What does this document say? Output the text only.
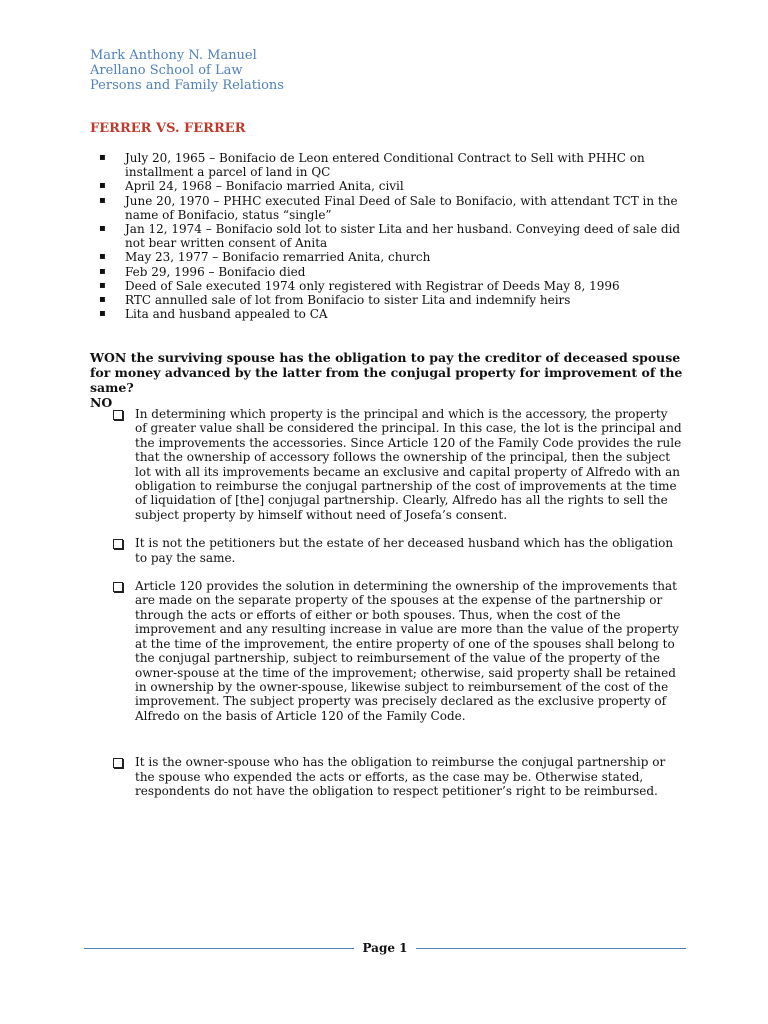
Mark Anthony N. Manuel
Arellano School of Law
Persons and Family Relations
FERRER VS. FERRER
▪ July 20, 1965 – Bonifacio de Leon entered Conditional Contract to Sell with PHHC on installment a parcel of land in QC
▪ April 24, 1968 – Bonifacio married Anita, civil
▪ June 20, 1970 – PHHC executed Final Deed of Sale to Bonifacio, with attendant TCT in the name of Bonifacio, status “single”
▪ Jan 12, 1974 – Bonifacio sold lot to sister Lita and her husband. Conveying deed of sale did not bear written consent of Anita
▪ May 23, 1977 – Bonifacio remarried Anita, church
▪ Feb 29, 1996 – Bonifacio died
▪ Deed of Sale executed 1974 only registered with Registrar of Deeds May 8, 1996
▪ RTC annulled sale of lot from Bonifacio to sister Lita and indemnify heirs
▪ Lita and husband appealed to CA
WON the surviving spouse has the obligation to pay the creditor of deceased spouse for money advanced by the latter from the conjugal property for improvement of the same?
NO
In determining which property is the principal and which is the accessory, the property of greater value shall be considered the principal. In this case, the lot is the principal and the improvements the accessories. Since Article 120 of the Family Code provides the rule that the ownership of accessory follows the ownership of the principal, then the subject lot with all its improvements became an exclusive and capital property of Alfredo with an obligation to reimburse the conjugal partnership of the cost of improvements at the time of liquidation of [the] conjugal partnership. Clearly, Alfredo has all the rights to sell the subject property by himself without need of Josefa’s consent.
It is not the petitioners but the estate of her deceased husband which has the obligation to pay the same.
Article 120 provides the solution in determining the ownership of the improvements that are made on the separate property of the spouses at the expense of the partnership or through the acts or efforts of either or both spouses. Thus, when the cost of the improvement and any resulting increase in value are more than the value of the property at the time of the improvement, the entire property of one of the spouses shall belong to the conjugal partnership, subject to reimbursement of the value of the property of the owner-spouse at the time of the improvement; otherwise, said property shall be retained in ownership by the owner-spouse, likewise subject to reimbursement of the cost of the improvement. The subject property was precisely declared as the exclusive property of Alfredo on the basis of Article 120 of the Family Code.
It is the owner-spouse who has the obligation to reimburse the conjugal partnership or the spouse who expended the acts or efforts, as the case may be. Otherwise stated, respondents do not have the obligation to respect petitioner’s right to be reimbursed.
Page 1
